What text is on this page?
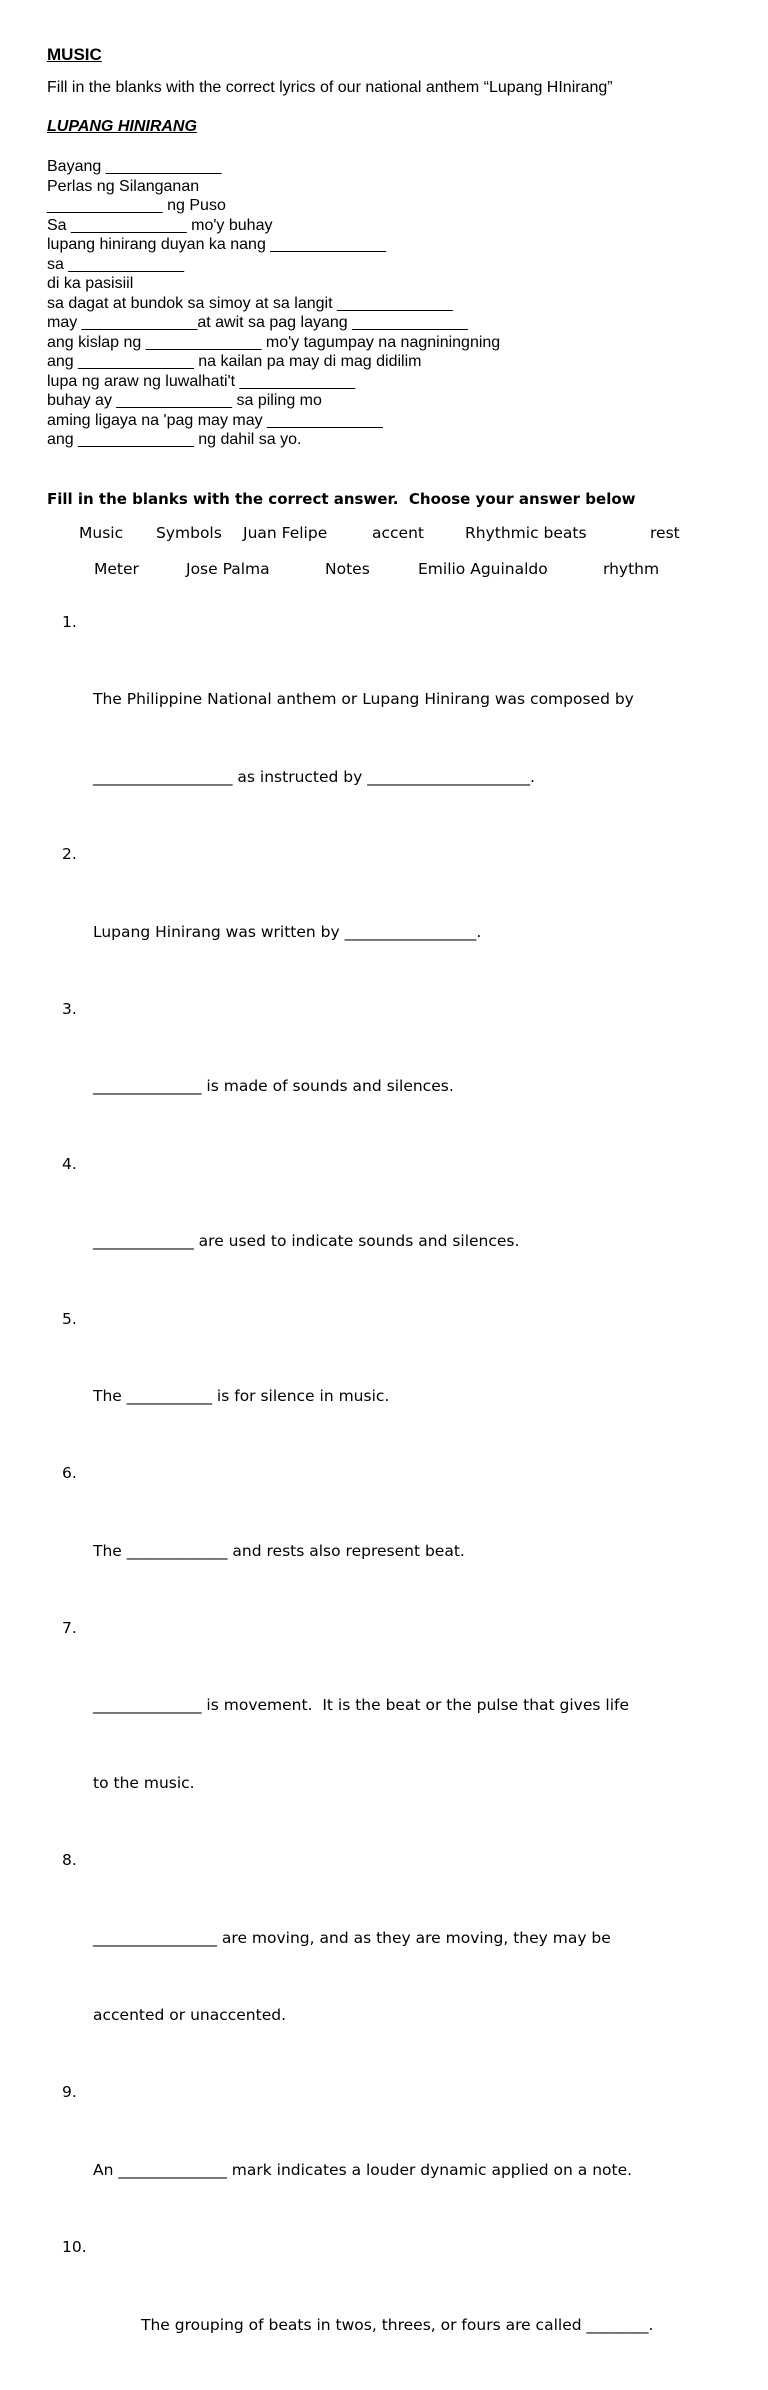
MUSIC
Fill in the blanks with the correct lyrics of our national anthem “Lupang HInirang”
LUPANG HINIRANG
Bayang _____________
Perlas ng Silanganan
_____________ ng Puso
Sa _____________ mo'y buhay
lupang hinirang duyan ka nang _____________
sa _____________
di ka pasisiil
sa dagat at bundok sa simoy at sa langit _____________
may _____________at awit sa pag layang _____________
ang kislap ng _____________ mo'y tagumpay na nagniningning
ang _____________ na kailan pa may di mag didilim
lupa ng araw ng luwalhati't _____________
buhay ay _____________ sa piling mo
aming ligaya na 'pag may may _____________
ang _____________ ng dahil sa yo.
Fill in the blanks with the correct answer.  Choose your answer below
Music Symbols Juan Felipe	accent	Rhythmic beats	rest
Meter	Jose Palma	Notes	Emilio Aguinaldo	rhythm

1.

The Philippine National anthem or Lupang Hinirang was composed by

__________________ as instructed by _____________________.

2.

Lupang Hinirang was written by _________________.

3.

______________ is made of sounds and silences.

4.

_____________ are used to indicate sounds and silences.

5.

The ___________ is for silence in music.

6.

The _____________ and rests also represent beat.

7.

______________ is movement.  It is the beat or the pulse that gives life

to the music.

8.

________________ are moving, and as they are moving, they may be

accented or unaccented.

9.

An ______________ mark indicates a louder dynamic applied on a note.

10.

The grouping of beats in twos, threes, or fours are called ________.
